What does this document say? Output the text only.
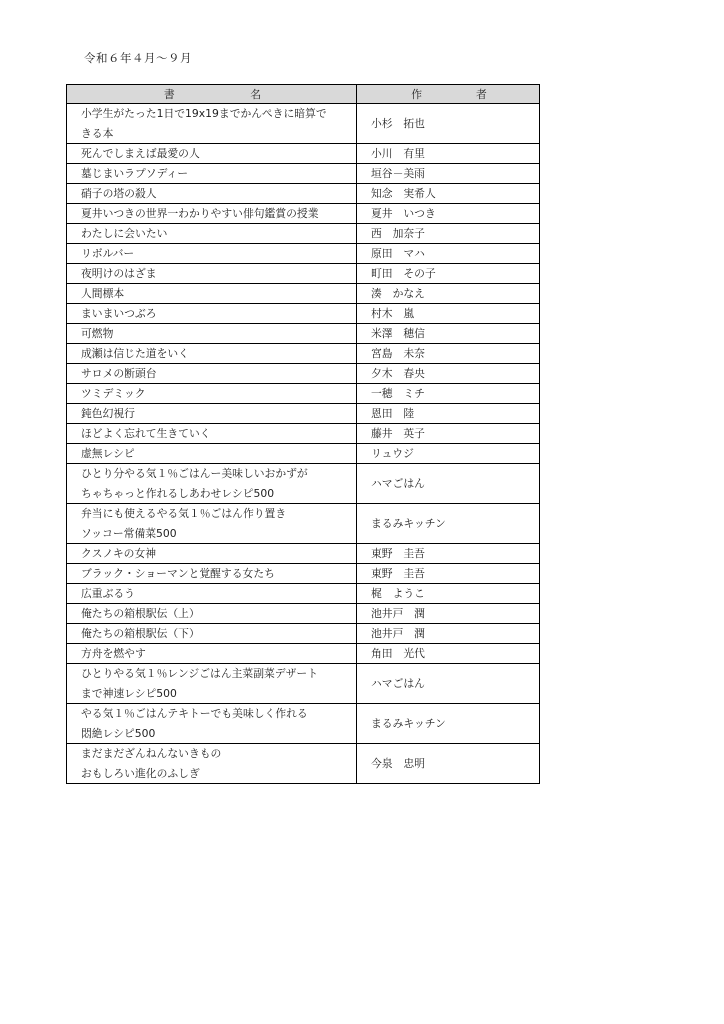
令和６年４月～９月
書　　　　　　　名	作　　　　　者

小学生がたった1日で19x19までかんぺきに暗算で
きる本	小杉　拓也

死んでしまえば最愛の人	小川　有里

墓じまいラプソディー	垣谷－美雨

硝子の塔の殺人	知念　実希人

夏井いつきの世界一わかりやすい俳句鑑賞の授業	夏井　いつき

わたしに会いたい	西　加奈子

リボルバー	原田　マハ

夜明けのはざま	町田　その子

人間標本	湊　かなえ

まいまいつぶろ	村木　嵐

可燃物	米澤　穂信

成瀬は信じた道をいく	宮島　未奈

サロメの断頭台	夕木　春央

ツミデミック	一穂　ミチ

鈍色幻視行	恩田　陸

ほどよく忘れて生きていく	藤井　英子

虚無レシピ	リュウジ

ひとり分やる気１％ごはんー美味しいおかずが
ちゃちゃっと作れるしあわせレシピ500	ハマごはん

弁当にも使えるやる気１％ごはん作り置き
ソッコー常備菜500	まるみキッチン

クスノキの女神	東野　圭吾

ブラック・ショーマンと覚醒する女たち	東野　圭吾

広重ぶるう	梶　ようこ

俺たちの箱根駅伝（上）	池井戸　潤

俺たちの箱根駅伝（下）	池井戸　潤

方舟を燃やす	角田　光代

ひとりやる気１％レンジごはん主菜副菜デザート
まで神速レシピ500	ハマごはん

やる気１％ごはんテキトーでも美味しく作れる
悶絶レシピ500	まるみキッチン

まだまだざんねんないきもの
おもしろい進化のふしぎ	今泉　忠明
